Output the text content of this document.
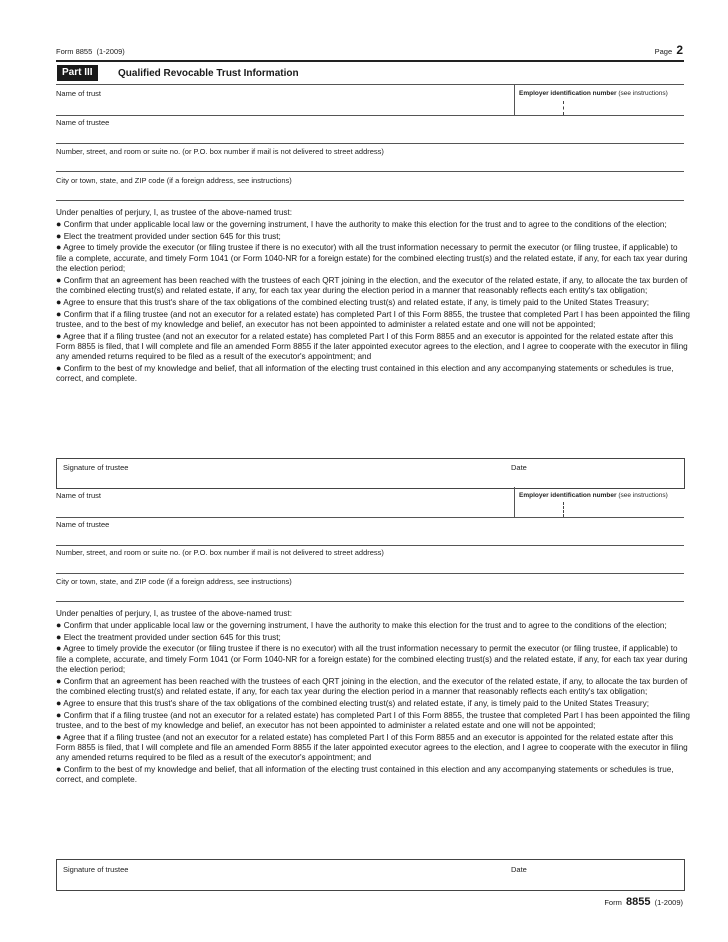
Form 8855 (1-2009)	Page 2
Part III	Qualified Revocable Trust Information
Name of trust	Employer identification number (see instructions)
Name of trustee
Number, street, and room or suite no. (or P.O. box number if mail is not delivered to street address)
City or town, state, and ZIP code (if a foreign address, see instructions)

Under penalties of perjury, I, as trustee of the above-named trust:

● Confirm that under applicable local law or the governing instrument, I have the authority to make this election for the trust and to agree to the conditions of the election;

● Elect the treatment provided under section 645 for this trust;

● Agree to timely provide the executor (or filing trustee if there is no executor) with all the trust information necessary to permit the executor (or filing trustee, if applicable) to file a complete, accurate, and timely Form 1041 (or Form 1040-NR for a foreign estate) for the combined electing trust(s) and the related estate, if any, for each tax year during the election period;

● Confirm that an agreement has been reached with the trustees of each QRT joining in the election, and the executor of the related estate, if any, to allocate the tax burden of the combined electing trust(s) and related estate, if any, for each tax year during the election period in a manner that reasonably reflects each entity's tax obligation;

● Agree to ensure that this trust's share of the tax obligations of the combined electing trust(s) and related estate, if any, is timely paid to the United States Treasury;

● Confirm that if a filing trustee (and not an executor for a related estate) has completed Part I of this Form 8855, the trustee that completed Part I has been appointed the filing trustee, and to the best of my knowledge and belief, an executor has not been appointed to administer a related estate and one will not be appointed;

● Agree that if a filing trustee (and not an executor for a related estate) has completed Part I of this Form 8855 and an executor is appointed for the related estate after this Form 8855 is filed, that I will complete and file an amended Form 8855 if the later appointed executor agrees to the election, and I agree to cooperate with the executor in filing any amended returns required to be filed as a result of the executor's appointment; and

● Confirm to the best of my knowledge and belief, that all information of the electing trust contained in this election and any accompanying statements or schedules is true, correct, and complete.

Signature of trustee	Date
Name of trust	Employer identification number (see instructions)
Name of trustee
Number, street, and room or suite no. (or P.O. box number if mail is not delivered to street address)
City or town, state, and ZIP code (if a foreign address, see instructions)

Under penalties of perjury, I, as trustee of the above-named trust:

● Confirm that under applicable local law or the governing instrument, I have the authority to make this election for the trust and to agree to the conditions of the election;

● Elect the treatment provided under section 645 for this trust;

● Agree to timely provide the executor (or filing trustee if there is no executor) with all the trust information necessary to permit the executor (or filing trustee, if applicable) to file a complete, accurate, and timely Form 1041 (or Form 1040-NR for a foreign estate) for the combined electing trust(s) and the related estate, if any, for each tax year during the election period;

● Confirm that an agreement has been reached with the trustees of each QRT joining in the election, and the executor of the related estate, if any, to allocate the tax burden of the combined electing trust(s) and related estate, if any, for each tax year during the election period in a manner that reasonably reflects each entity's tax obligation;

● Agree to ensure that this trust's share of the tax obligations of the combined electing trust(s) and related estate, if any, is timely paid to the United States Treasury;

● Confirm that if a filing trustee (and not an executor for a related estate) has completed Part I of this Form 8855, the trustee that completed Part I has been appointed the filing trustee, and to the best of my knowledge and belief, an executor has not been appointed to administer a related estate and one will not be appointed;

● Agree that if a filing trustee (and not an executor for a related estate) has completed Part I of this Form 8855 and an executor is appointed for the related estate after this Form 8855 is filed, that I will complete and file an amended Form 8855 if the later appointed executor agrees to the election, and I agree to cooperate with the executor in filing any amended returns required to be filed as a result of the executor's appointment; and

● Confirm to the best of my knowledge and belief, that all information of the electing trust contained in this election and any accompanying statements or schedules is true, correct, and complete.

Signature of trustee	Date
Form 8855 (1-2009)
